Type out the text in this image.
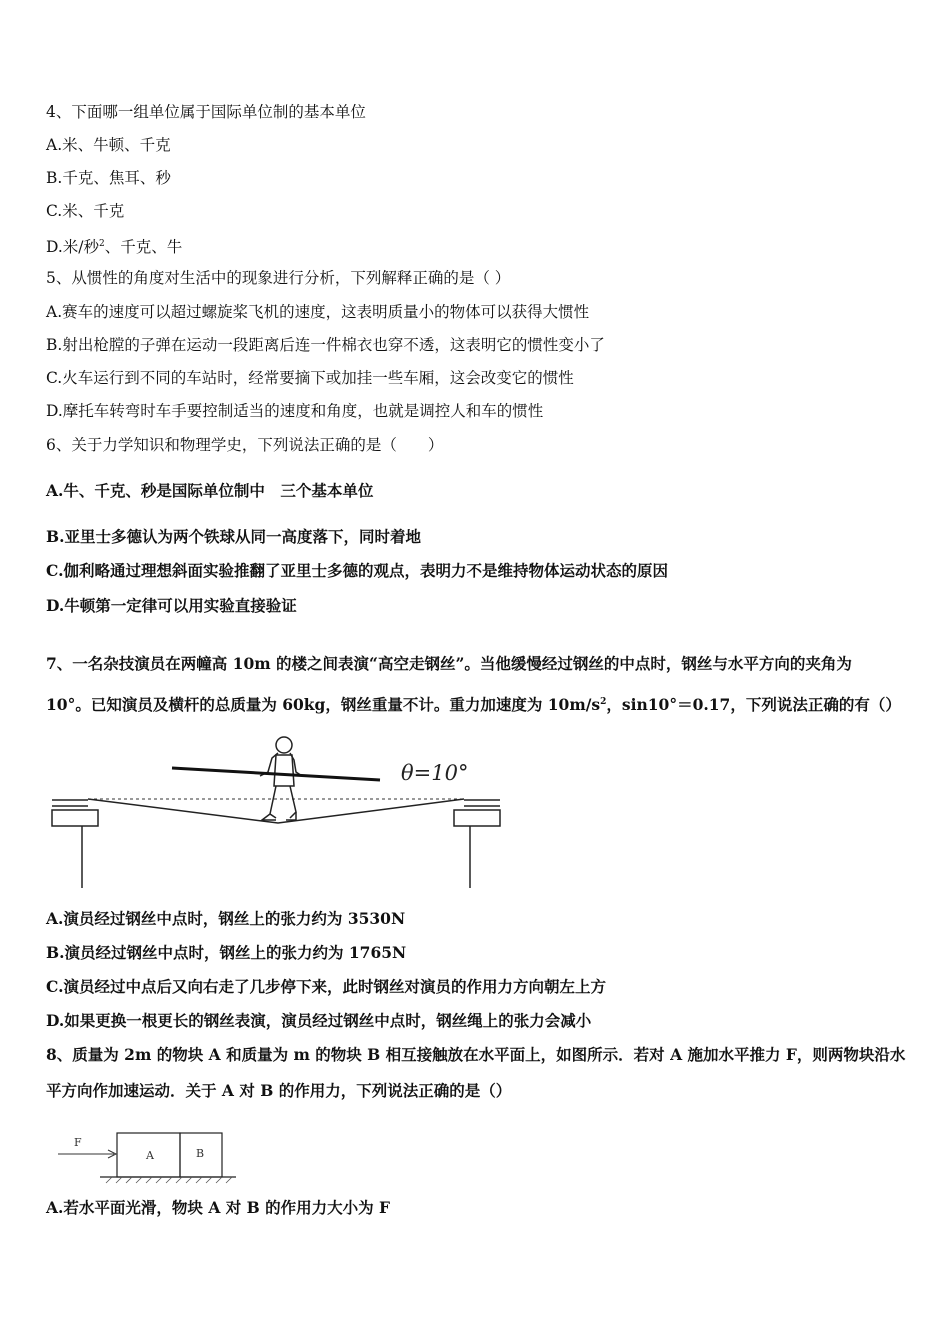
4、下面哪一组单位属于国际单位制的基本单位
A.米、牛顿、千克
B.千克、焦耳、秒
C.米、千克
D.米/秒$^2$、千克、牛
5、从惯性的角度对生活中的现象进行分析，下列解释正确的是（ ）
A.赛车的速度可以超过螺旋桨飞机的速度，这表明质量小的物体可以获得大惯性
B.射出枪膛的子弹在运动一段距离后连一件棉衣也穿不透，这表明它的惯性变小了
C.火车运行到不同的车站时，经常要摘下或加挂一些车厢，这会改变它的惯性
D.摩托车转弯时车手要控制适当的速度和角度，也就是调控人和车的惯性
6、关于力学知识和物理学史，下列说法正确的是（　　）
A.牛、千克、秒是国际单位制中　三个基本单位
B.亚里士多德认为两个铁球从同一高度落下，同时着地
C.伽利略通过理想斜面实验推翻了亚里士多德的观点，表明力不是维持物体运动状态的原因
D.牛顿第一定律可以用实验直接验证
7、一名杂技演员在两幢高 10m 的楼之间表演“高空走钢丝”。当他缓慢经过钢丝的中点时，钢丝与水平方向的夹角为
10°。已知演员及横杆的总质量为 60kg，钢丝重量不计。重力加速度为 $10m/s^2$，sin10°＝0.17，下列说法正确的有（）
θ=10°
A.演员经过钢丝中点时，钢丝上的张力约为 3530N
B.演员经过钢丝中点时，钢丝上的张力约为 1765N
C.演员经过中点后又向右走了几步停下来，此时钢丝对演员的作用力方向朝左上方
D.如果更换一根更长的钢丝表演，演员经过钢丝中点时，钢丝绳上的张力会减小
8、质量为 2m 的物块 A 和质量为 m 的物块 B 相互接触放在水平面上，如图所示．若对 A 施加水平推力 F，则两物块沿水
平方向作加速运动．关于 A 对 B 的作用力，下列说法正确的是（）
F
A	B
A.若水平面光滑，物块 A 对 B 的作用力大小为 F
